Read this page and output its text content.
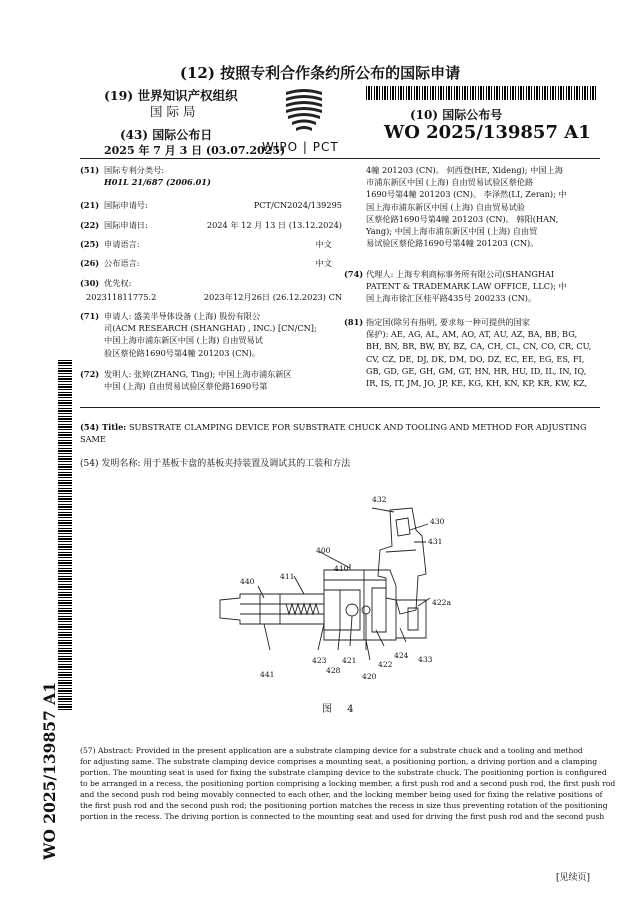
(12) 按照专利合作条约所公布的国际申请
(19) 世界知识产权组织
国 际 局
(43) 国际公布日
2025 年 7 月 3 日 (03.07.2025)
WIPO | PCT
(10) 国际公布号
WO 2025/139857 A1
(51) 国际专利分类号:
H01L 21/687 (2006.01)
(21) 国际申请号:	PCT/CN2024/139295
(22) 国际申请日:	2024 年 12 月 13 日 (13.12.2024)
(25) 申请语言:	中文
(26) 公布语言:	中文
(30) 优先权:
202311811775.2	2023年12月26日 (26.12.2023) CN
(71) 申请人: 盛美半导体设备 (上海) 股份有限公
司(ACM RESEARCH (SHANGHAI) , INC.) [CN/CN];
中国上海市浦东新区中国 (上海) 自由贸易试
验区蔡伦路1690号第4幢 201203 (CN)。
(72) 发明人: 张婷(ZHANG, Ting); 中国上海市浦东新区
中国 (上海) 自由贸易试验区蔡伦路1690号第
4幢 201203 (CN)。 何西登(HE, Xideng); 中国上海
市浦东新区中国 (上海) 自由贸易试验区蔡伦路
1690号第4幢 201203 (CN)。 李泽然(LI, Zeran); 中
国上海市浦东新区中国 (上海) 自由贸易试验
区蔡伦路1690号第4幢 201203 (CN)。 韩阳(HAN,
Yang); 中国上海市浦东新区中国 (上海) 自由贸
易试验区蔡伦路1690号第4幢 201203 (CN)。
(74) 代理人: 上海专利商标事务所有限公司(SHANGHAI
PATENT & TRADEMARK LAW OFFICE, LLC); 中
国上海市徐汇区桂平路435号 200233 (CN)。
(81) 指定国(除另有指明, 要求每一种可提供的国家
保护): AE, AG, AL, AM, AO, AT, AU, AZ, BA, BB, BG,
BH, BN, BR, BW, BY, BZ, CA, CH, CL, CN, CO, CR, CU,
CV, CZ, DE, DJ, DK, DM, DO, DZ, EC, EE, EG, ES, FI,
GB, GD, GE, GH, GM, GT, HN, HR, HU, ID, IL, IN, IQ,
IR, IS, IT, JM, JO, JP, KE, KG, KH, KN, KP, KR, KW, KZ,
WO 2025/139857 A1
(54) Title: SUBSTRATE CLAMPING DEVICE FOR SUBSTRATE CHUCK AND TOOLING AND METHOD FOR ADJUSTING
SAME
(54) 发明名称: 用于基板卡盘的基板夹持装置及调试其的工装和方法
432
430
431
400
410
411
440
422a
423 421
428
422
424 433
420
441
图 4
(57) Abstract: Provided in the present application are a substrate clamping device for a substrate chuck and a tooling and method
for adjusting same. The substrate clamping device comprises a mounting seat, a positioning portion, a driving portion and a clamping
portion. The mounting seat is used for fixing the substrate clamping device to the substrate chuck. The positioning portion is configured
to be arranged in a recess, the positioning portion comprising a locking member, a first push rod and a second push rod, the first push rod
and the second push rod being movably connected to each other, and the locking member being used for fixing the relative positions of
the first push rod and the second push rod; the positioning portion matches the recess in size thus preventing rotation of the positioning
portion in the recess. The driving portion is connected to the mounting seat and used for driving the first push rod and the second push
[见续页]
